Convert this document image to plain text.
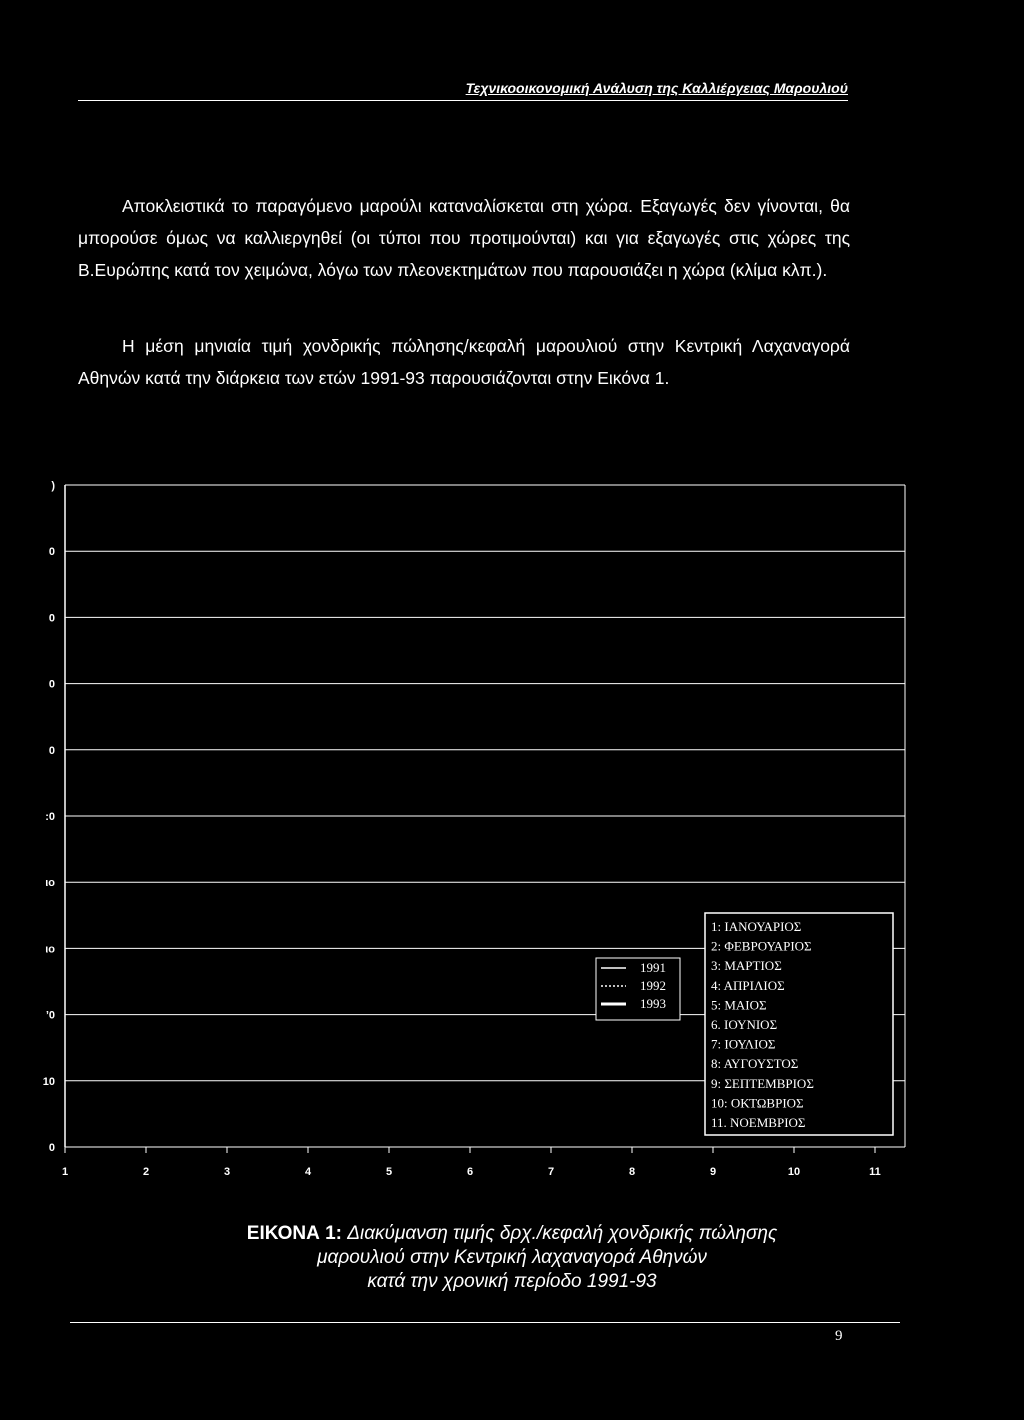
Τεχνικοοικονομική Ανάλυση της Καλλιέργειας Μαρουλιού

Αποκλειστικά το παραγόμενο μαρούλι καταναλίσκεται στη χώρα. Εξαγωγές δεν γίνονται, θα μπορούσε όμως να καλλιεργηθεί (οι τύποι που προτιμούνται) και για εξαγωγές στις χώρες της Β.Ευρώπης κατά τον χειμώνα, λόγω των πλεονεκτημάτων που παρουσιάζει η χώρα (κλίμα κλπ.).

Η μέση μηνιαία τιμή χονδρικής πώλησης/κεφαλή μαρουλιού στην Κεντρική Λαχαναγορά Αθηνών κατά την διάρκεια των ετών 1991-93 παρουσιάζονται στην Εικόνα 1.

)
0
0
0
0
:0
ιο
ιο
’0
10
0
1	2	3	4	5	6	7	8	9	10	11
1991
1992
1993
1: ΙΑΝΟΥΑΡΙΟΣ
2: ΦΕΒΡΟΥΑΡΙΟΣ
3: ΜΑΡΤΙΟΣ
4: ΑΠΡΙΛΙΟΣ
5: ΜΑΙΟΣ
6. ΙΟΥΝΙΟΣ
7: ΙΟΥΛΙΟΣ
8: ΑΥΓΟΥΣΤΟΣ
9: ΣΕΠΤΕΜΒΡΙΟΣ
10: ΟΚΤΩΒΡΙΟΣ
11. ΝΟΕΜΒΡΙΟΣ
ΕΙΚΟΝΑ 1: Διακύμανση τιμής δρχ./κεφαλή χονδρικής πώλησης
μαρουλιού στην Κεντρική λαχαναγορά Αθηνών
κατά την χρονική περίοδο 1991-93
9
